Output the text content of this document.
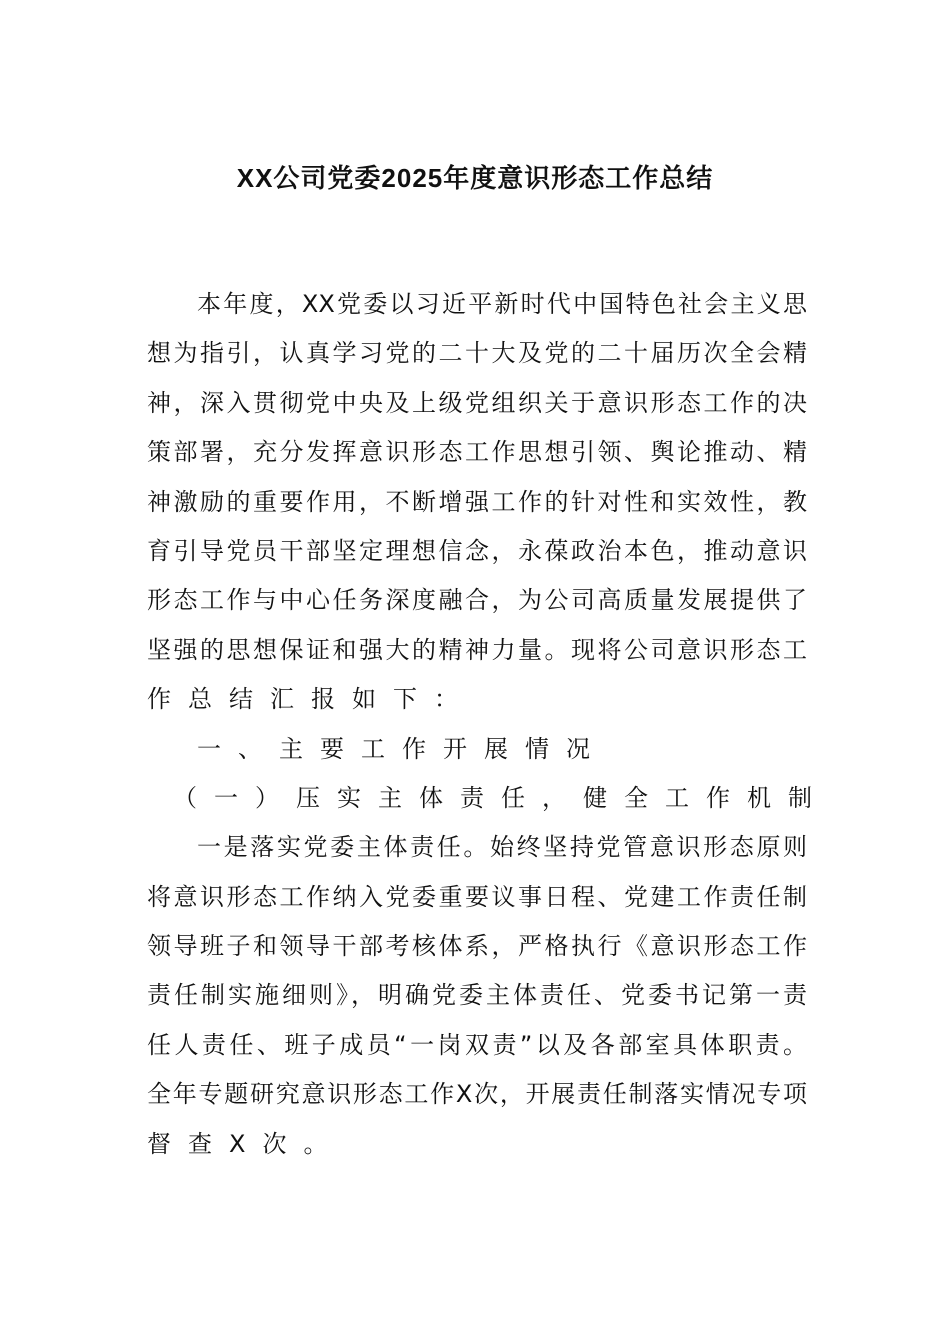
XX公司党委2025年度意识形态工作总结
本年度，XX党委以习近平新时代中国特色社会主义思
想为指引，认真学习党的二十大及党的二十届历次全会精
神，深入贯彻党中央及上级党组织关于意识形态工作的决
策部署，充分发挥意识形态工作思想引领、舆论推动、精
神激励的重要作用，不断增强工作的针对性和实效性，教
育引导党员干部坚定理想信念，永葆政治本色，推动意识
形态工作与中心任务深度融合，为公司高质量发展提供了
坚强的思想保证和强大的精神力量。现将公司意识形态工
作总结汇报如下：
一、主要工作开展情况
（一）压实主体责任，健全工作机制
一是落实党委主体责任。始终坚持党管意识形态原则
将意识形态工作纳入党委重要议事日程、党建工作责任制
领导班子和领导干部考核体系，严格执行《意识形态工作
责任制实施细则》，明确党委主体责任、党委书记第一责
任人责任、班子成员“一岗双责”以及各部室具体职责。
全年专题研究意识形态工作X次，开展责任制落实情况专项
督查X次。
